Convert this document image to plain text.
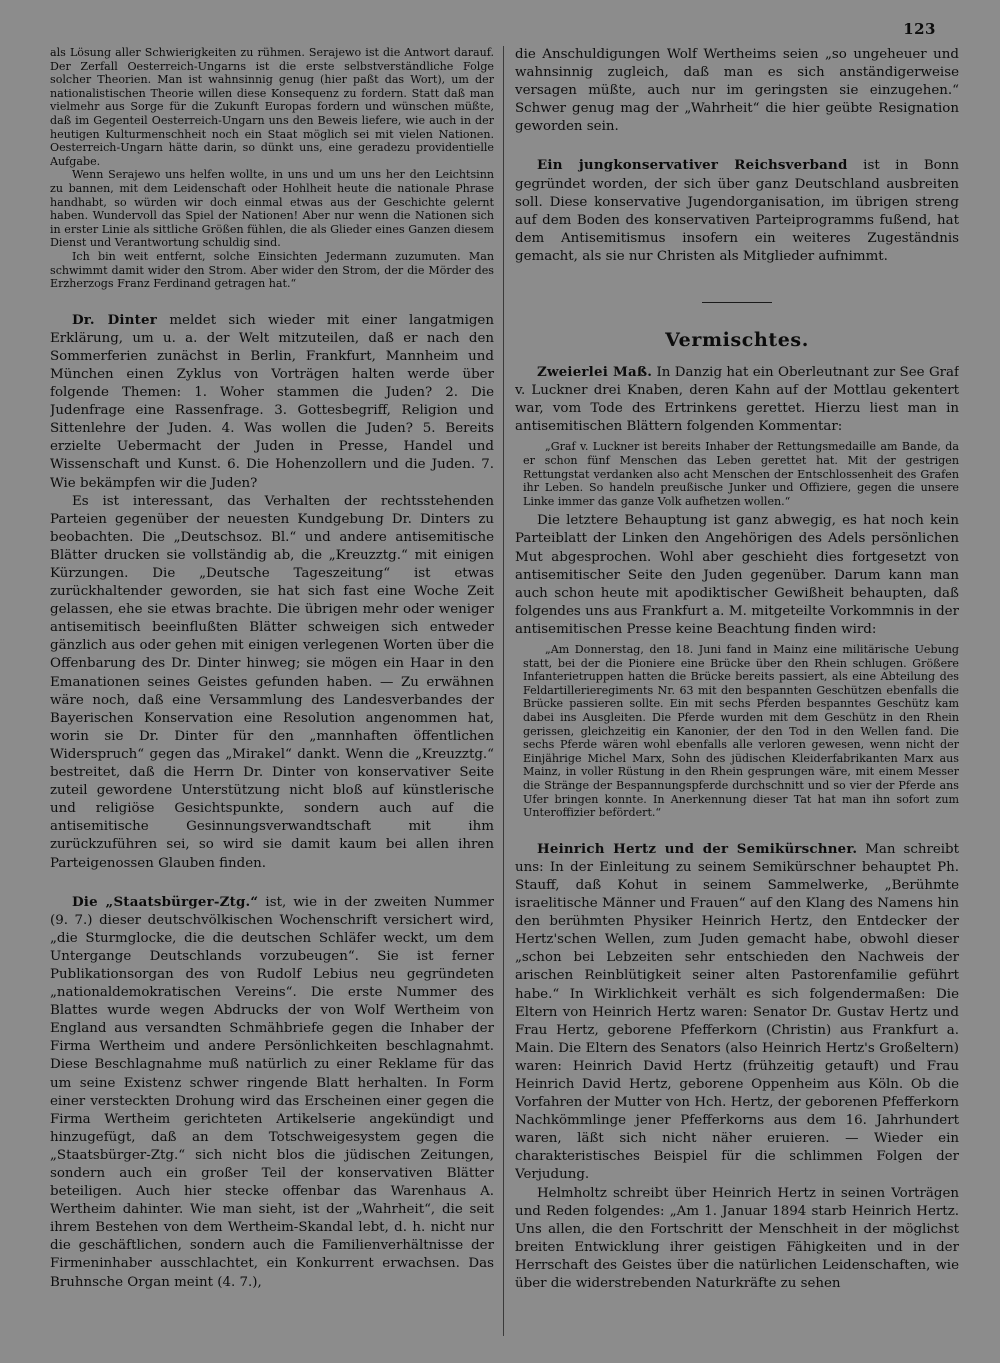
123

als Lösung aller Schwierigkeiten zu rühmen. Serajewo ist die Antwort darauf. Der Zerfall Oesterreich-Ungarns ist die erste selbstverständliche Folge solcher Theorien. Man ist wahnsinnig genug (hier paßt das Wort), um der nationalistischen Theorie willen diese Konsequenz zu fordern. Statt daß man vielmehr aus Sorge für die Zukunft Europas fordern und wünschen müßte, daß im Gegenteil Oesterreich-Ungarn uns den Beweis liefere, wie auch in der heutigen Kulturmenschheit noch ein Staat möglich sei mit vielen Nationen. Oesterreich-Ungarn hätte darin, so dünkt uns, eine geradezu providentielle Aufgabe.

Wenn Serajewo uns helfen wollte, in uns und um uns her den Leichtsinn zu bannen, mit dem Leidenschaft oder Hohlheit heute die nationale Phrase handhabt, so würden wir doch einmal etwas aus der Geschichte gelernt haben. Wundervoll das Spiel der Nationen! Aber nur wenn die Nationen sich in erster Linie als sittliche Größen fühlen, die als Glieder eines Ganzen diesem Dienst und Verantwortung schuldig sind.

Ich bin weit entfernt, solche Einsichten Jedermann zuzumuten. Man schwimmt damit wider den Strom. Aber wider den Strom, der die Mörder des Erzherzogs Franz Ferdinand getragen hat.“

Dr. Dinter meldet sich wieder mit einer langatmigen Erklärung, um u. a. der Welt mitzuteilen, daß er nach den Sommerferien zunächst in Berlin, Frankfurt, Mannheim und München einen Zyklus von Vorträgen halten werde über folgende Themen: 1. Woher stammen die Juden? 2. Die Judenfrage eine Rassenfrage. 3. Gottesbegriff, Religion und Sittenlehre der Juden. 4. Was wollen die Juden? 5. Bereits erzielte Uebermacht der Juden in Presse, Handel und Wissenschaft und Kunst. 6. Die Hohenzollern und die Juden. 7. Wie bekämpfen wir die Juden?

Es ist interessant, das Verhalten der rechtsstehenden Parteien gegenüber der neuesten Kundgebung Dr. Dinters zu beobachten. Die „Deutschsoz. Bl.“ und andere antisemitische Blätter drucken sie vollständig ab, die „Kreuzztg.“ mit einigen Kürzungen. Die „Deutsche Tageszeitung“ ist etwas zurückhaltender geworden, sie hat sich fast eine Woche Zeit gelassen, ehe sie etwas brachte. Die übrigen mehr oder weniger antisemitisch beeinflußten Blätter schweigen sich entweder gänzlich aus oder gehen mit einigen verlegenen Worten über die Offenbarung des Dr. Dinter hinweg; sie mögen ein Haar in den Emanationen seines Geistes gefunden haben. — Zu erwähnen wäre noch, daß eine Versammlung des Landesverbandes der Bayerischen Konservation eine Resolution angenommen hat, worin sie Dr. Dinter für den „mannhaften öffentlichen Widerspruch“ gegen das „Mirakel“ dankt. Wenn die „Kreuzztg.“ bestreitet, daß die Herrn Dr. Dinter von konservativer Seite zuteil gewordene Unterstützung nicht bloß auf künstlerische und religiöse Gesichtspunkte, sondern auch auf die antisemitische Gesinnungsverwandtschaft mit ihm zurückzuführen sei, so wird sie damit kaum bei allen ihren Parteigenossen Glauben finden.

Die „Staatsbürger-Ztg.“ ist, wie in der zweiten Nummer (9. 7.) dieser deutschvölkischen Wochenschrift versichert wird, „die Sturmglocke, die die deutschen Schläfer weckt, um dem Untergange Deutschlands vorzubeugen“. Sie ist ferner Publikationsorgan des von Rudolf Lebius neu gegründeten „nationaldemokratischen Vereins“. Die erste Nummer des Blattes wurde wegen Abdrucks der von Wolf Wertheim von England aus versandten Schmähbriefe gegen die Inhaber der Firma Wertheim und andere Persönlichkeiten beschlagnahmt. Diese Beschlagnahme muß natürlich zu einer Reklame für das um seine Existenz schwer ringende Blatt herhalten. In Form einer versteckten Drohung wird das Erscheinen einer gegen die Firma Wertheim gerichteten Artikelserie angekündigt und hinzugefügt, daß an dem Totschweigesystem gegen die „Staatsbürger-Ztg.“ sich nicht blos die jüdischen Zeitungen, sondern auch ein großer Teil der konservativen Blätter beteiligen. Auch hier stecke offenbar das Warenhaus A. Wertheim dahinter. Wie man sieht, ist der „Wahrheit“, die seit ihrem Bestehen von dem Wertheim-Skandal lebt, d. h. nicht nur die geschäftlichen, sondern auch die Familienverhältnisse der Firmeninhaber ausschlachtet, ein Konkurrent erwachsen. Das Bruhnsche Organ meint (4. 7.),

die Anschuldigungen Wolf Wertheims seien „so ungeheuer und wahnsinnig zugleich, daß man es sich anständigerweise versagen müßte, auch nur im geringsten sie einzugehen.“ Schwer genug mag der „Wahrheit“ die hier geübte Resignation geworden sein.

Ein jungkonservativer Reichsverband ist in Bonn gegründet worden, der sich über ganz Deutschland ausbreiten soll. Diese konservative Jugendorganisation, im übrigen streng auf dem Boden des konservativen Parteiprogramms fußend, hat dem Antisemitismus insofern ein weiteres Zugeständnis gemacht, als sie nur Christen als Mitglieder aufnimmt.

Vermischtes.

Zweierlei Maß. In Danzig hat ein Oberleutnant zur See Graf v. Luckner drei Knaben, deren Kahn auf der Mottlau gekentert war, vom Tode des Ertrinkens gerettet. Hierzu liest man in antisemitischen Blättern folgenden Kommentar:

„Graf v. Luckner ist bereits Inhaber der Rettungsmedaille am Bande, da er schon fünf Menschen das Leben gerettet hat. Mit der gestrigen Rettungstat verdanken also acht Menschen der Entschlossenheit des Grafen ihr Leben. So handeln preußische Junker und Offiziere, gegen die unsere Linke immer das ganze Volk aufhetzen wollen.“

Die letztere Behauptung ist ganz abwegig, es hat noch kein Parteiblatt der Linken den Angehörigen des Adels persönlichen Mut abgesprochen. Wohl aber geschieht dies fortgesetzt von antisemitischer Seite den Juden gegenüber. Darum kann man auch schon heute mit apodiktischer Gewißheit behaupten, daß folgendes uns aus Frankfurt a. M. mitgeteilte Vorkommnis in der antisemitischen Presse keine Beachtung finden wird:

„Am Donnerstag, den 18. Juni fand in Mainz eine militärische Uebung statt, bei der die Pioniere eine Brücke über den Rhein schlugen. Größere Infanterietruppen hatten die Brücke bereits passiert, als eine Abteilung des Feldartillerieregiments Nr. 63 mit den bespannten Geschützen ebenfalls die Brücke passieren sollte. Ein mit sechs Pferden bespanntes Geschütz kam dabei ins Ausgleiten. Die Pferde wurden mit dem Geschütz in den Rhein gerissen, gleichzeitig ein Kanonier, der den Tod in den Wellen fand. Die sechs Pferde wären wohl ebenfalls alle verloren gewesen, wenn nicht der Einjährige Michel Marx, Sohn des jüdischen Kleiderfabrikanten Marx aus Mainz, in voller Rüstung in den Rhein gesprungen wäre, mit einem Messer die Stränge der Bespannungspferde durchschnitt und so vier der Pferde ans Ufer bringen konnte. In Anerkennung dieser Tat hat man ihn sofort zum Unteroffizier befördert.“

Heinrich Hertz und der Semikürschner. Man schreibt uns: In der Einleitung zu seinem Semikürschner behauptet Ph. Stauff, daß Kohut in seinem Sammelwerke, „Berühmte israelitische Männer und Frauen“ auf den Klang des Namens hin den berühmten Physiker Heinrich Hertz, den Entdecker der Hertz'schen Wellen, zum Juden gemacht habe, obwohl dieser „schon bei Lebzeiten sehr entschieden den Nachweis der arischen Reinblütigkeit seiner alten Pastorenfamilie geführt habe.“ In Wirklichkeit verhält es sich folgendermaßen: Die Eltern von Heinrich Hertz waren: Senator Dr. Gustav Hertz und Frau Hertz, geborene Pfefferkorn (Christin) aus Frankfurt a. Main. Die Eltern des Senators (also Heinrich Hertz's Großeltern) waren: Heinrich David Hertz (frühzeitig getauft) und Frau Heinrich David Hertz, geborene Oppenheim aus Köln. Ob die Vorfahren der Mutter von Hch. Hertz, der geborenen Pfefferkorn Nachkömmlinge jener Pfefferkorns aus dem 16. Jahrhundert waren, läßt sich nicht näher eruieren. — Wieder ein charakteristisches Beispiel für die schlimmen Folgen der Verjudung.

Helmholtz schreibt über Heinrich Hertz in seinen Vorträgen und Reden folgendes: „Am 1. Januar 1894 starb Heinrich Hertz. Uns allen, die den Fortschritt der Menschheit in der möglichst breiten Entwicklung ihrer geistigen Fähigkeiten und in der Herrschaft des Geistes über die natürlichen Leidenschaften, wie über die widerstrebenden Naturkräfte zu sehen
